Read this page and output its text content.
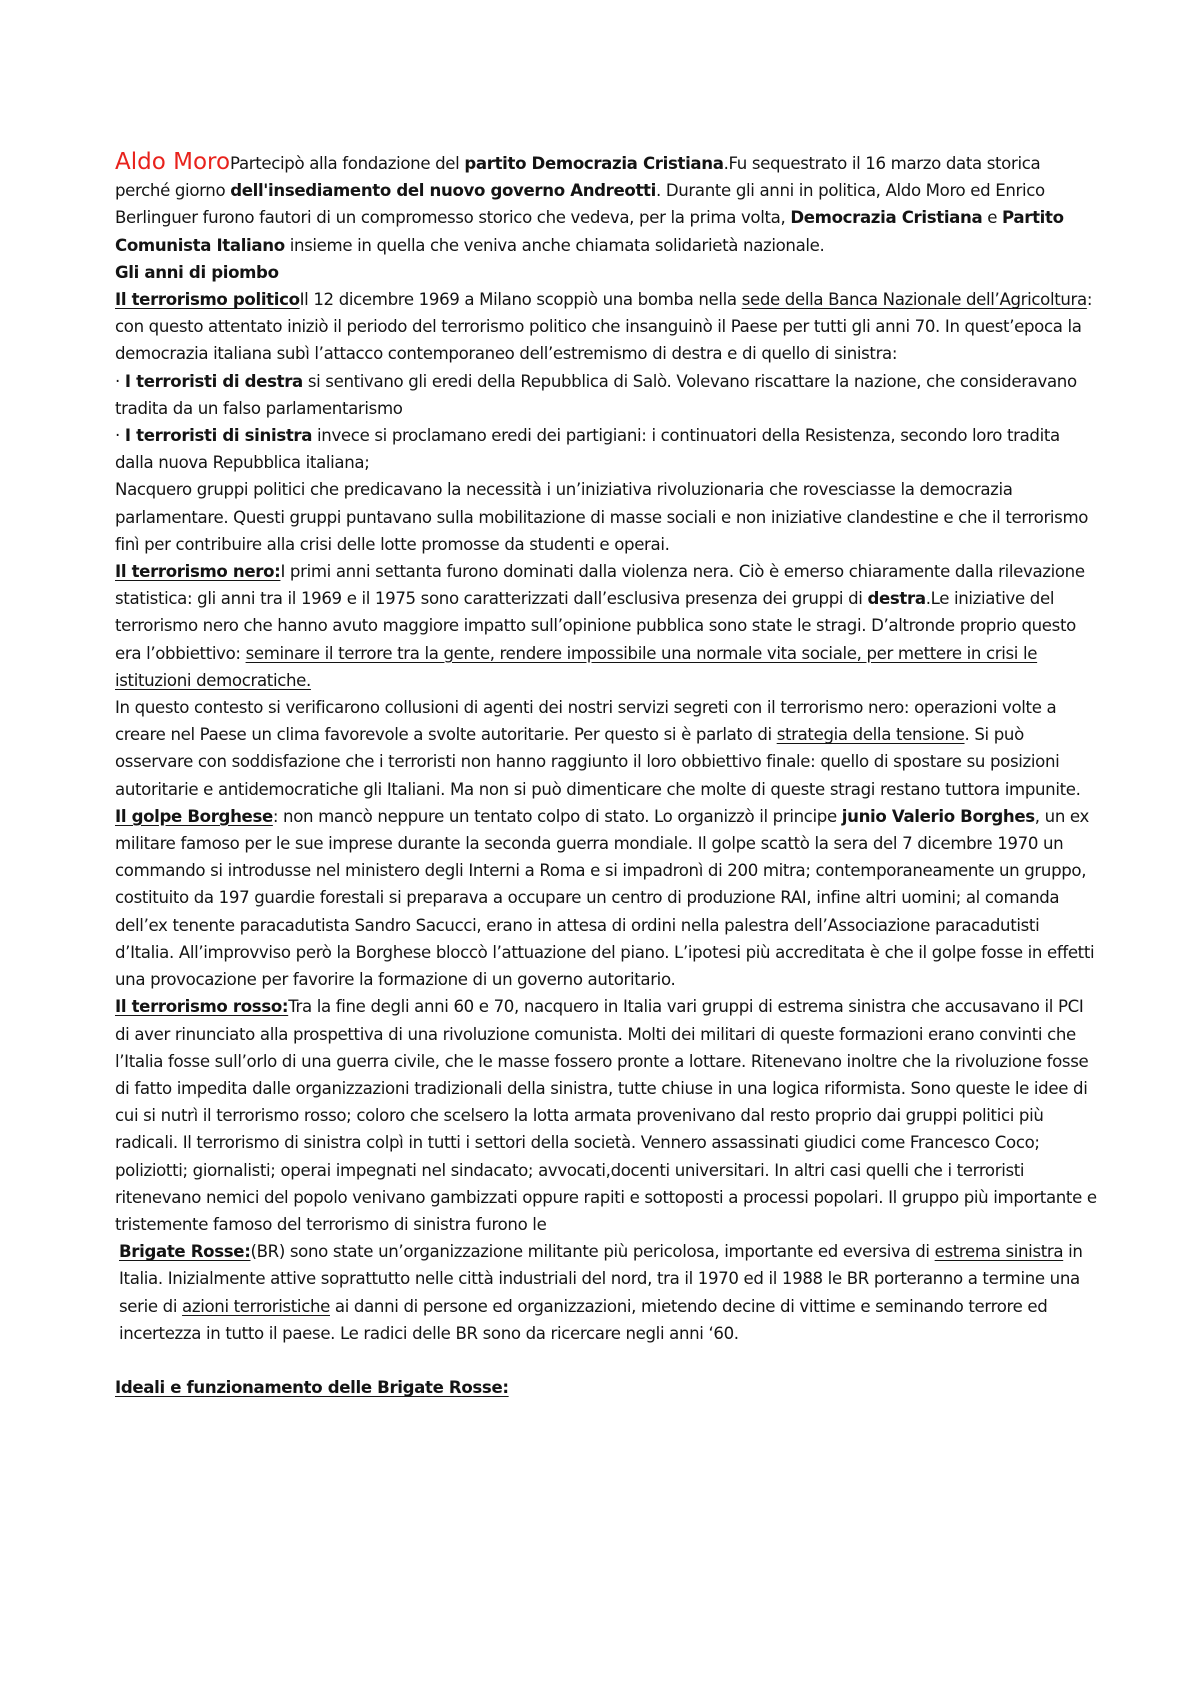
Aldo MoroPartecipò alla fondazione del partito Democrazia Cristiana.Fu sequestrato il 16 marzo data storica perché giorno dell'insediamento del nuovo governo Andreotti. Durante gli anni in politica, Aldo Moro ed Enrico Berlinguer furono fautori di un compromesso storico che vedeva, per la prima volta, Democrazia Cristiana e Partito Comunista Italiano insieme in quella che veniva anche chiamata solidarietà nazionale.

Gli anni di piombo

Il terrorismo politicoIl 12 dicembre 1969 a Milano scoppiò una bomba nella sede della Banca Nazionale dell’Agricoltura: con questo attentato iniziò il periodo del terrorismo politico che insanguinò il Paese per tutti gli anni 70. In quest’epoca la democrazia italiana subì l’attacco contemporaneo dell’estremismo di destra e di quello di sinistra:

· I terroristi di destra si sentivano gli eredi della Repubblica di Salò. Volevano riscattare la nazione, che consideravano tradita da un falso parlamentarismo

· I terroristi di sinistra invece si proclamano eredi dei partigiani: i continuatori della Resistenza, secondo loro tradita dalla nuova Repubblica italiana;

Nacquero gruppi politici che predicavano la necessità i un’iniziativa rivoluzionaria che rovesciasse la democrazia parlamentare. Questi gruppi puntavano sulla mobilitazione di masse sociali e non iniziative clandestine e che il terrorismo finì per contribuire alla crisi delle lotte promosse da studenti e operai.

Il terrorismo nero:I primi anni settanta furono dominati dalla violenza nera. Ciò è emerso chiaramente dalla rilevazione statistica: gli anni tra il 1969 e il 1975 sono caratterizzati dall’esclusiva presenza dei gruppi di destra.Le iniziative del terrorismo nero che hanno avuto maggiore impatto sull’opinione pubblica sono state le stragi. D’altronde proprio questo era l’obbiettivo: seminare il terrore tra la gente, rendere impossibile una normale vita sociale, per mettere in crisi le istituzioni democratiche.

In questo contesto si verificarono collusioni di agenti dei nostri servizi segreti con il terrorismo nero: operazioni volte a creare nel Paese un clima favorevole a svolte autoritarie. Per questo si è parlato di strategia della tensione. Si può osservare con soddisfazione che i terroristi non hanno raggiunto il loro obbiettivo finale: quello di spostare su posizioni autoritarie e antidemocratiche gli Italiani. Ma non si può dimenticare che molte di queste stragi restano tuttora impunite.

Il golpe Borghese: non mancò neppure un tentato colpo di stato. Lo organizzò il principe junio Valerio Borghes, un ex militare famoso per le sue imprese durante la seconda guerra mondiale. Il golpe scattò la sera del 7 dicembre 1970 un commando si introdusse nel ministero degli Interni a Roma e si impadronì di 200 mitra; contemporaneamente un gruppo, costituito da 197 guardie forestali si preparava a occupare un centro di produzione RAI, infine altri uomini; al comanda dell’ex tenente paracadutista Sandro Sacucci, erano in attesa di ordini nella palestra dell’Associazione paracadutisti d’Italia. All’improvviso però la Borghese bloccò l’attuazione del piano. L’ipotesi più accreditata è che il golpe fosse in effetti una provocazione per favorire la formazione di un governo autoritario.

Il terrorismo rosso:Tra la fine degli anni 60 e 70, nacquero in Italia vari gruppi di estrema sinistra che accusavano il PCI di aver rinunciato alla prospettiva di una rivoluzione comunista. Molti dei militari di queste formazioni erano convinti che l’Italia fosse sull’orlo di una guerra civile, che le masse fossero pronte a lottare. Ritenevano inoltre che la rivoluzione fosse di fatto impedita dalle organizzazioni tradizionali della sinistra, tutte chiuse in una logica riformista. Sono queste le idee di cui si nutrì il terrorismo rosso; coloro che scelsero la lotta armata provenivano dal resto proprio dai gruppi politici più radicali. Il terrorismo di sinistra colpì in tutti i settori della società. Vennero assassinati giudici come Francesco Coco; poliziotti; giornalisti; operai impegnati nel sindacato; avvocati,docenti universitari. In altri casi quelli che i terroristi ritenevano nemici del popolo venivano gambizzati oppure rapiti e sottoposti a processi popolari. Il gruppo più importante e tristemente famoso del terrorismo di sinistra furono le

Brigate Rosse:(BR) sono state un’organizzazione militante più pericolosa, importante ed eversiva di estrema sinistra in Italia. Inizialmente attive soprattutto nelle città industriali del nord, tra il 1970 ed il 1988 le BR porteranno a termine una serie di azioni terroristiche ai danni di persone ed organizzazioni, mietendo decine di vittime e seminando terrore ed incertezza in tutto il paese. Le radici delle BR sono da ricercare negli anni ‘60.

Ideali e funzionamento delle Brigate Rosse:
